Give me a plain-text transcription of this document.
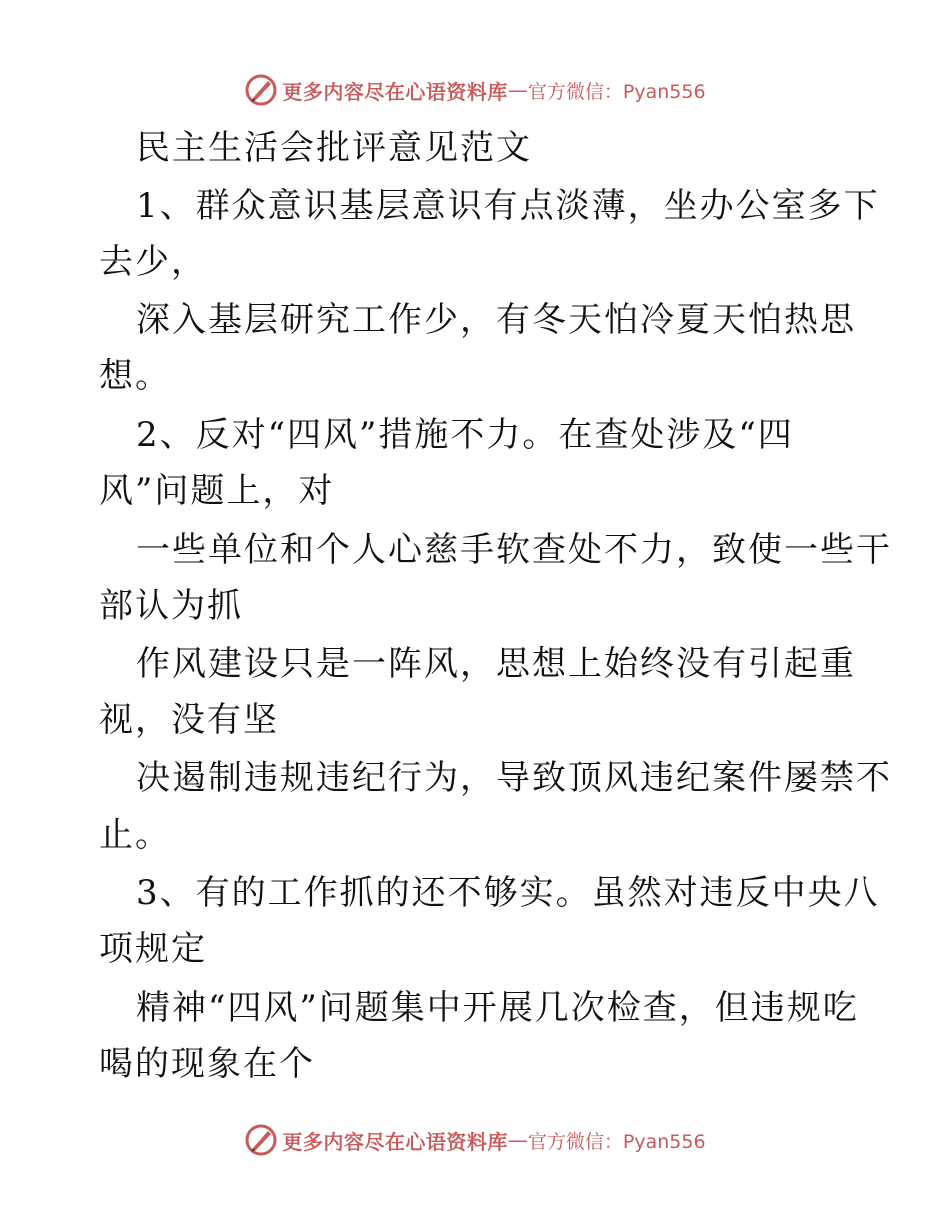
更多内容尽在心语资料库 — 官方微信：Pyan556
民主生活会批评意见范文
1、群众意识基层意识有点淡薄，坐办公室多下
去少，
深入基层研究工作少，有冬天怕冷夏天怕热思
想。
2、反对“四风”措施不力。在查处涉及“四
风”问题上，对
一些单位和个人心慈手软查处不力，致使一些干
部认为抓
作风建设只是一阵风，思想上始终没有引起重
视，没有坚
决遏制违规违纪行为，导致顶风违纪案件屡禁不
止。
3、有的工作抓的还不够实。虽然对违反中央八
项规定
精神“四风”问题集中开展几次检查，但违规吃
喝的现象在个
更多内容尽在心语资料库 — 官方微信：Pyan556
